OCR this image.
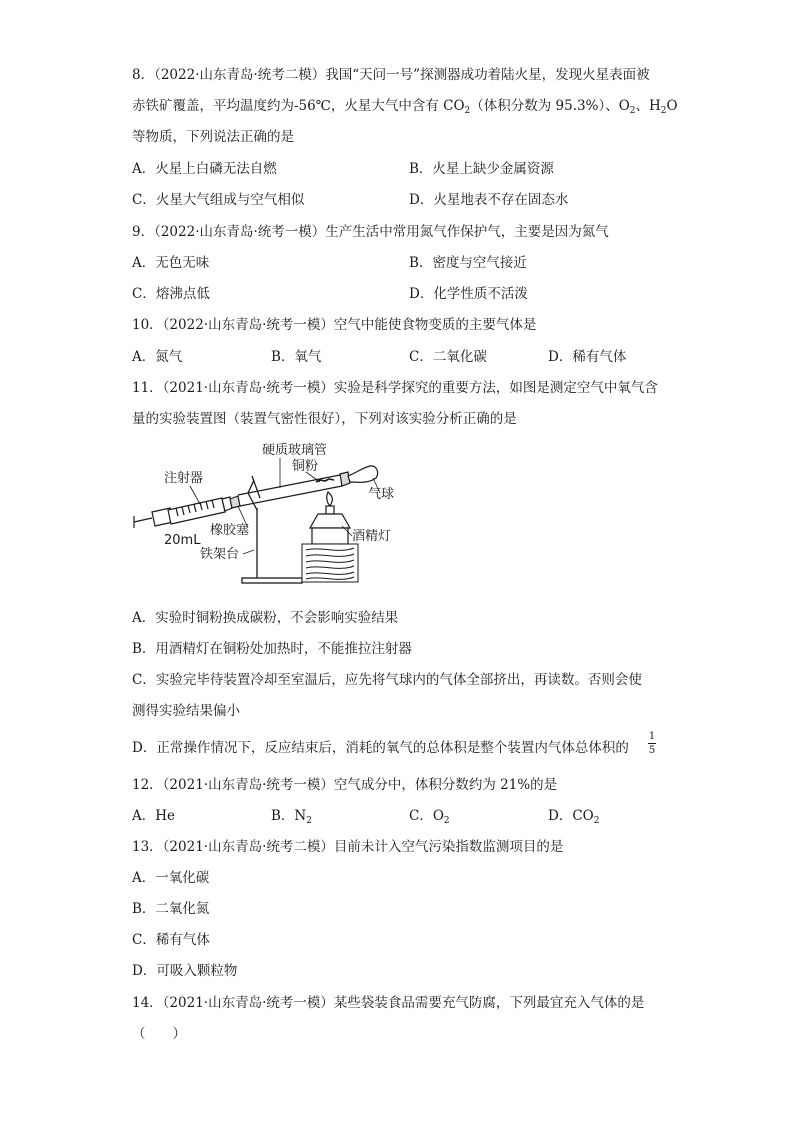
8．（2022·山东青岛·统考二模）我国“天问一号”探测器成功着陆火星，发现火星表面被
赤铁矿覆盖，平均温度约为-56℃，火星大气中含有 $CO_2$（体积分数为 95.3%）、$O_2$、$H_2O$
等物质，下列说法正确的是
A．火星上白磷无法自燃	B．火星上缺少金属资源
C．火星大气组成与空气相似	D．火星地表不存在固态水
9．（2022·山东青岛·统考一模）生产生活中常用氮气作保护气，主要是因为氮气
A．无色无味	B．密度与空气接近
C．熔沸点低	D．化学性质不活泼
10．（2022·山东青岛·统考一模）空气中能使食物变质的主要气体是
A．氮气	B．氧气	C．二氧化碳	D．稀有气体
11．（2021·山东青岛·统考一模）实验是科学探究的重要方法，如图是测定空气中氧气含
量的实验装置图（装置气密性很好），下列对该实验分析正确的是
硬质玻璃管
铜粉
注射器
气球
橡胶塞
20mL	酒精灯
铁架台
A．实验时铜粉换成碳粉，不会影响实验结果
B．用酒精灯在铜粉处加热时，不能推拉注射器
C．实验完毕待装置冷却至室温后，应先将气球内的气体全部挤出，再读数。否则会使
测得实验结果偏小
D．正常操作情况下，反应结束后，消耗的氧气的总体积是整个装置内气体总体积的
1
5
12．（2021·山东青岛·统考一模）空气成分中，体积分数约为 21%的是
A．He	B．$N_2$	C．$O_2$	D．$CO_2$
13．（2021·山东青岛·统考二模）目前未计入空气污染指数监测项目的是
A．一氧化碳
B．二氧化氮
C．稀有气体
D．可吸入颗粒物
14．（2021·山东青岛·统考一模）某些袋装食品需要充气防腐，下列最宜充入气体的是
（　　）
